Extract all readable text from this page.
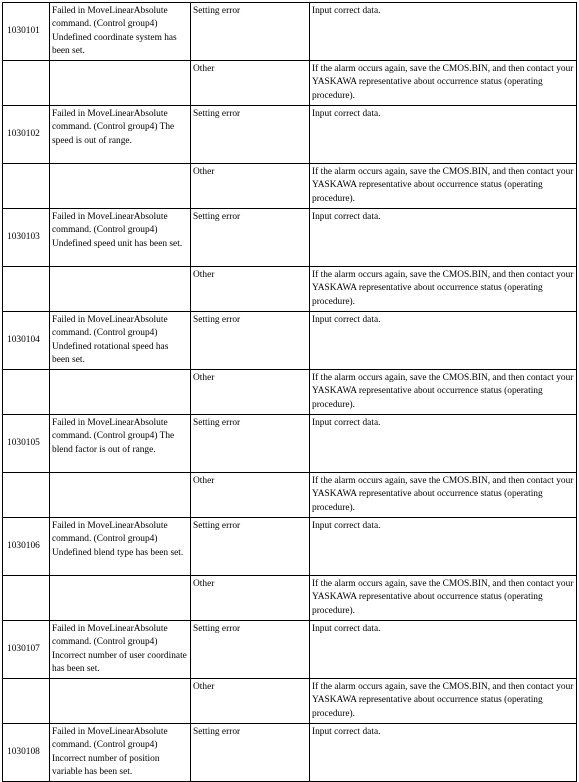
1030101	Failed in MoveLinearAbsolute command. (Control group4) Undefined coordinate system has been set.	Setting error	Input correct data.
		Other	If the alarm occurs again, save the CMOS.BIN, and then contact your YASKAWA representative about occurrence status (operating procedure).
1030102	Failed in MoveLinearAbsolute command. (Control group4) The speed is out of range.	Setting error	Input correct data.
		Other	If the alarm occurs again, save the CMOS.BIN, and then contact your YASKAWA representative about occurrence status (operating procedure).
1030103	Failed in MoveLinearAbsolute command. (Control group4) Undefined speed unit has been set.	Setting error	Input correct data.
		Other	If the alarm occurs again, save the CMOS.BIN, and then contact your YASKAWA representative about occurrence status (operating procedure).
1030104	Failed in MoveLinearAbsolute command. (Control group4) Undefined rotational speed has been set.	Setting error	Input correct data.
		Other	If the alarm occurs again, save the CMOS.BIN, and then contact your YASKAWA representative about occurrence status (operating procedure).
1030105	Failed in MoveLinearAbsolute command. (Control group4) The blend factor is out of range.	Setting error	Input correct data.
		Other	If the alarm occurs again, save the CMOS.BIN, and then contact your YASKAWA representative about occurrence status (operating procedure).
1030106	Failed in MoveLinearAbsolute command. (Control group4) Undefined blend type has been set.	Setting error	Input correct data.
		Other	If the alarm occurs again, save the CMOS.BIN, and then contact your YASKAWA representative about occurrence status (operating procedure).
1030107	Failed in MoveLinearAbsolute command. (Control group4) Incorrect number of user coordinate has been set.	Setting error	Input correct data.
		Other	If the alarm occurs again, save the CMOS.BIN, and then contact your YASKAWA representative about occurrence status (operating procedure).
1030108	Failed in MoveLinearAbsolute command. (Control group4) Incorrect number of position variable has been set.	Setting error	Input correct data.
